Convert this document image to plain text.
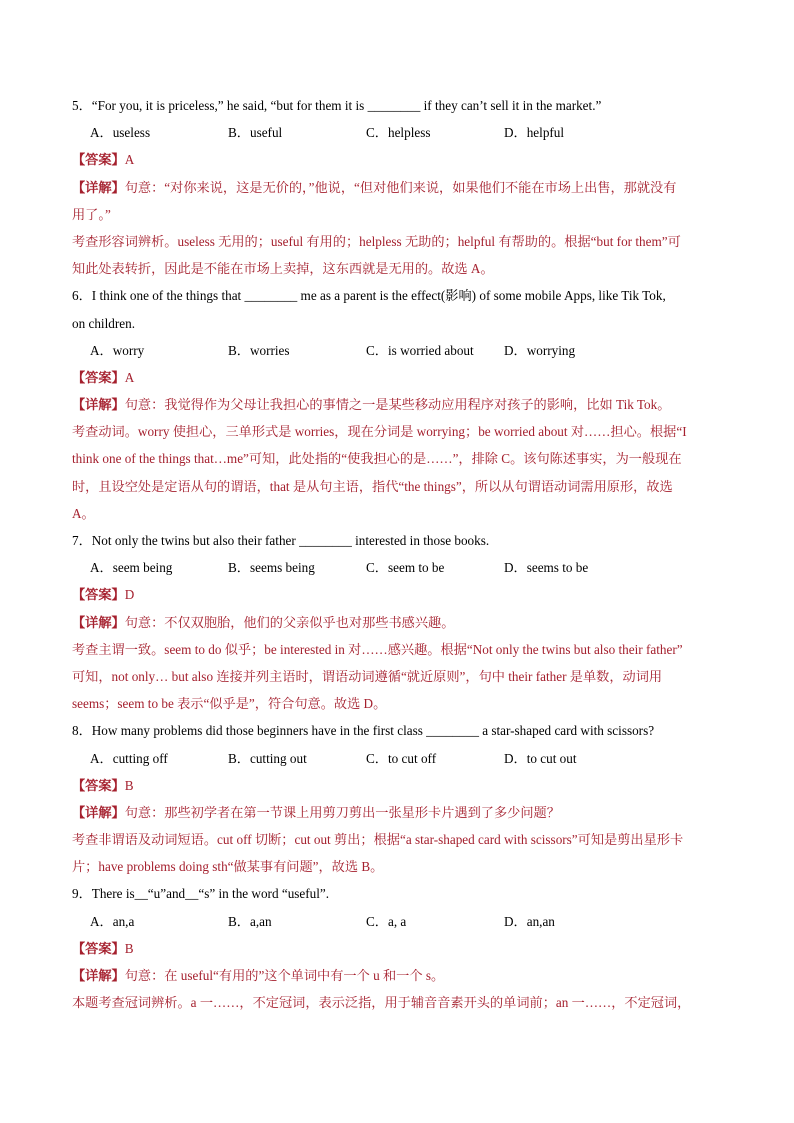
5．“For you, it is priceless,” he said, “but for them it is ________ if they can’t sell it in the market.”
A．useless	B．useful	C．helpless	D．helpful
【答案】A
【详解】句意：“对你来说，这是无价的，”他说，“但对他们来说，如果他们不能在市场上出售，那就没有
用了。”
考查形容词辨析。useless 无用的；useful 有用的；helpless 无助的；helpful 有帮助的。根据“but for them”可
知此处表转折，因此是不能在市场上卖掉，这东西就是无用的。故选 A。
6．I think one of the things that ________ me as a parent is the effect(影响) of some mobile Apps, like Tik Tok,
on children.
A．worry	B．worries	C．is worried about	D．worrying
【答案】A
【详解】句意：我觉得作为父母让我担心的事情之一是某些移动应用程序对孩子的影响，比如 Tik Tok。
考查动词。worry 使担心，三单形式是 worries，现在分词是 worrying；be worried about 对……担心。根据“I
think one of the things that…me”可知，此处指的“使我担心的是……”，排除 C。该句陈述事实，为一般现在
时，且设空处是定语从句的谓语，that 是从句主语，指代“the things”，所以从句谓语动词需用原形，故选
A。
7．Not only the twins but also their father ________ interested in those books.
A．seem being	B．seems being	C．seem to be	D．seems to be
【答案】D
【详解】句意：不仅双胞胎，他们的父亲似乎也对那些书感兴趣。
考查主谓一致。seem to do 似乎；be interested in 对……感兴趣。根据“Not only the twins but also their father”
可知，not only… but also 连接并列主语时，谓语动词遵循“就近原则”，句中 their father 是单数，动词用
seems；seem to be 表示“似乎是”，符合句意。故选 D。
8．How many problems did those beginners have in the first class ________ a star-shaped card with scissors?
A．cutting off	B．cutting out	C．to cut off	D．to cut out
【答案】B
【详解】句意：那些初学者在第一节课上用剪刀剪出一张星形卡片遇到了多少问题？
考查非谓语及动词短语。cut off 切断；cut out 剪出；根据“a star-shaped card with scissors”可知是剪出星形卡
片；have problems doing sth“做某事有问题”，故选 B。
9．There is__“u”and__“s” in the word “useful”.
A．an,a	B．a,an	C．a, a	D．an,an
【答案】B
【详解】句意：在 useful“有用的”这个单词中有一个 u 和一个 s。
本题考查冠词辨析。a 一……，不定冠词，表示泛指，用于辅音音素开头的单词前；an 一……，不定冠词，
